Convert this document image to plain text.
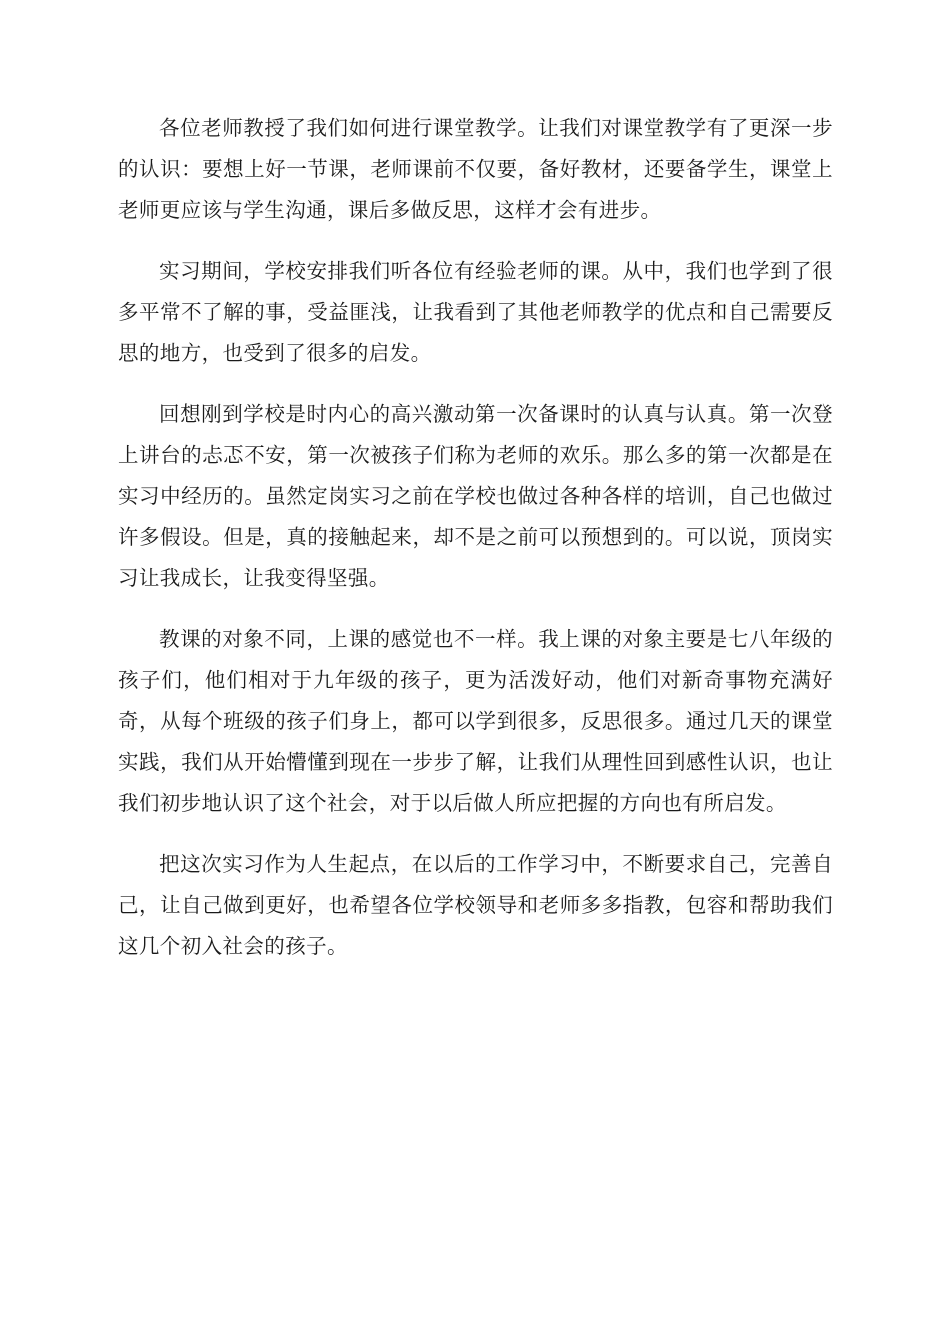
各位老师教授了我们如何进行课堂教学。让我们对课堂教学有了更深一步的认识：要想上好一节课，老师课前不仅要，备好教材，还要备学生，课堂上老师更应该与学生沟通，课后多做反思，这样才会有进步。

实习期间，学校安排我们听各位有经验老师的课。从中，我们也学到了很多平常不了解的事，受益匪浅，让我看到了其他老师教学的优点和自己需要反思的地方，也受到了很多的启发。

回想刚到学校是时内心的高兴激动第一次备课时的认真与认真。第一次登上讲台的忐忑不安，第一次被孩子们称为老师的欢乐。那么多的第一次都是在实习中经历的。虽然定岗实习之前在学校也做过各种各样的培训，自己也做过许多假设。但是，真的接触起来，却不是之前可以预想到的。可以说，顶岗实习让我成长，让我变得坚强。

教课的对象不同，上课的感觉也不一样。我上课的对象主要是七八年级的孩子们，他们相对于九年级的孩子，更为活泼好动，他们对新奇事物充满好奇，从每个班级的孩子们身上，都可以学到很多，反思很多。通过几天的课堂实践，我们从开始懵懂到现在一步步了解，让我们从理性回到感性认识，也让我们初步地认识了这个社会，对于以后做人所应把握的方向也有所启发。

把这次实习作为人生起点，在以后的工作学习中，不断要求自己，完善自己，让自己做到更好，也希望各位学校领导和老师多多指教，包容和帮助我们这几个初入社会的孩子。
